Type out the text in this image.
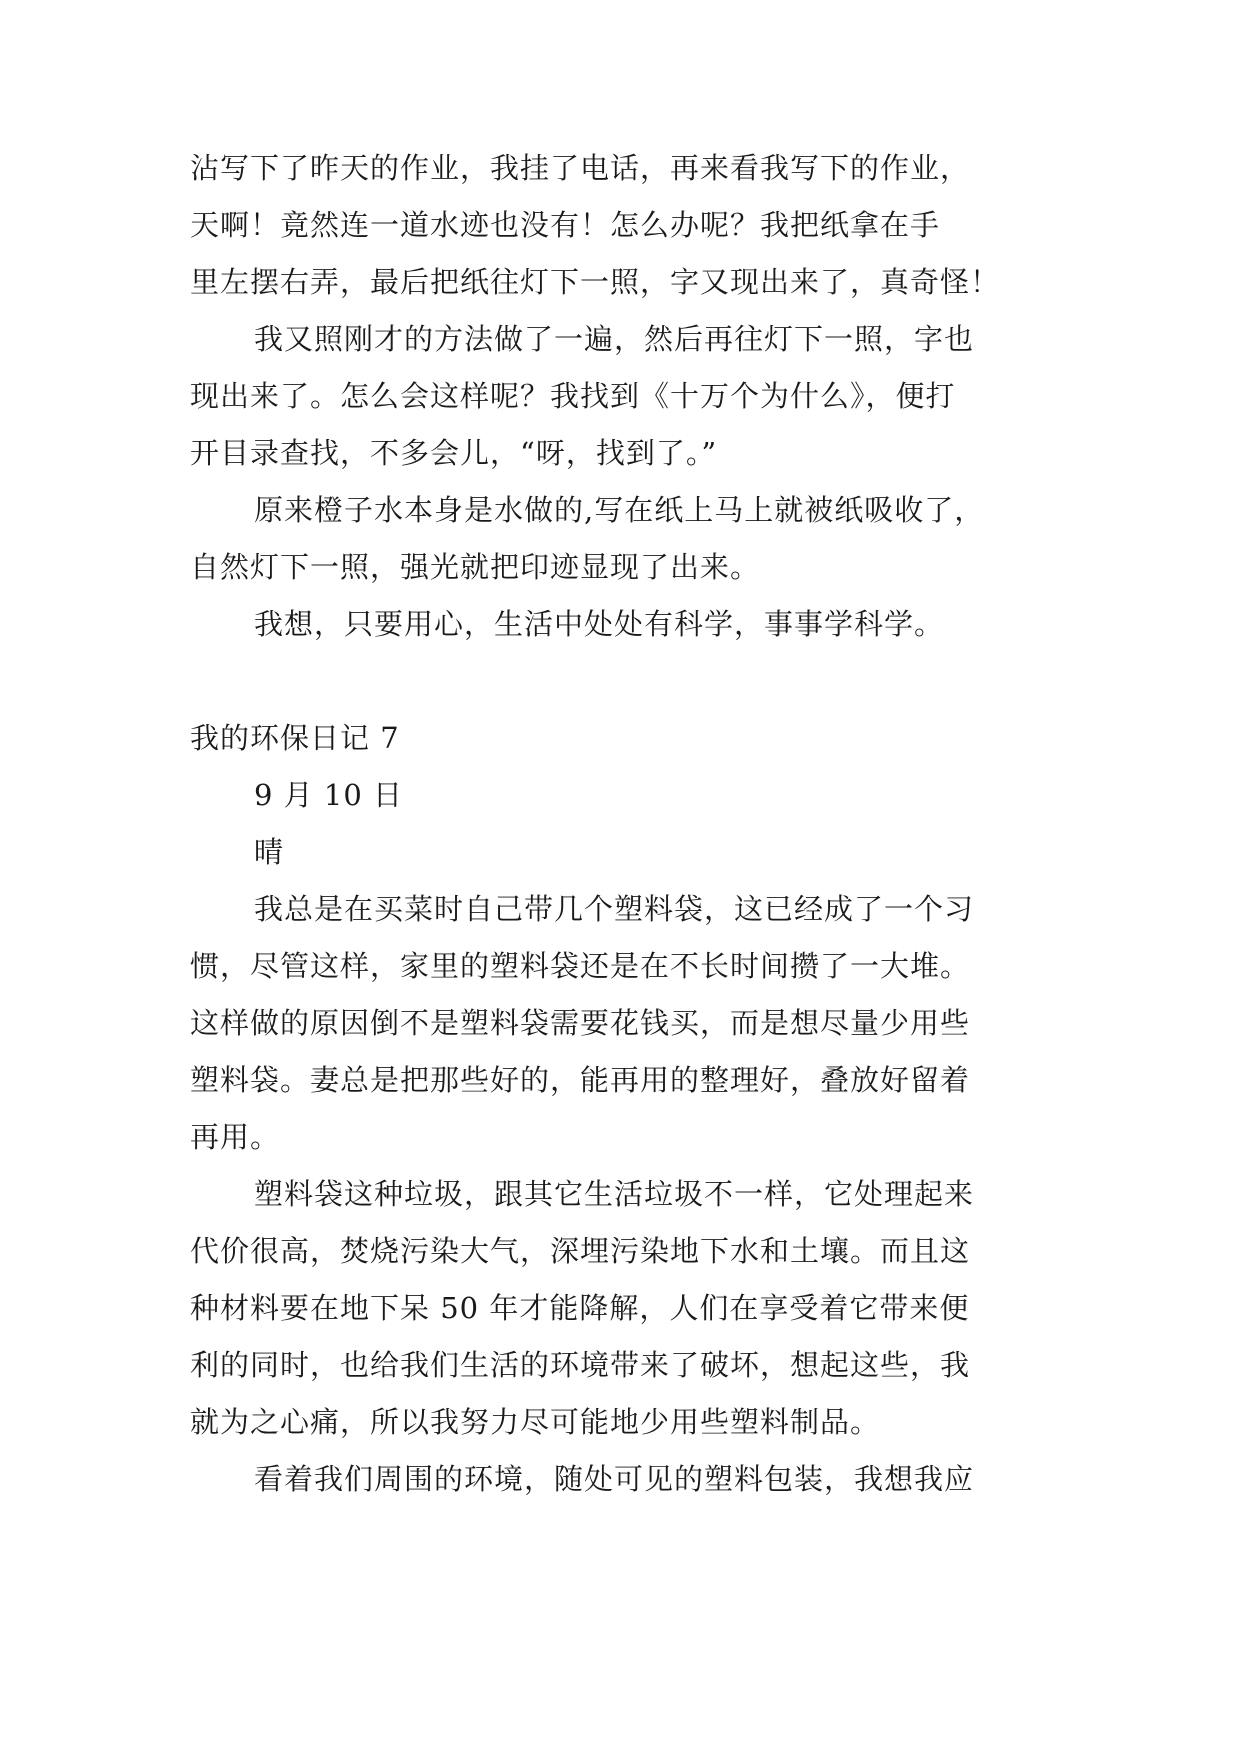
沾写下了昨天的作业，我挂了电话，再来看我写下的作业，
天啊！竟然连一道水迹也没有！怎么办呢？我把纸拿在手
里左摆右弄，最后把纸往灯下一照，字又现出来了，真奇怪！
我又照刚才的方法做了一遍，然后再往灯下一照，字也
现出来了。怎么会这样呢？我找到《十万个为什么》，便打
开目录查找，不多会儿，“呀，找到了。”
原来橙子水本身是水做的,写在纸上马上就被纸吸收了，
自然灯下一照，强光就把印迹显现了出来。
我想，只要用心，生活中处处有科学，事事学科学。
我的环保日记 7
9 月 10 日
晴
我总是在买菜时自己带几个塑料袋，这已经成了一个习
惯，尽管这样，家里的塑料袋还是在不长时间攒了一大堆。
这样做的原因倒不是塑料袋需要花钱买，而是想尽量少用些
塑料袋。妻总是把那些好的，能再用的整理好，叠放好留着
再用。
塑料袋这种垃圾，跟其它生活垃圾不一样，它处理起来
代价很高，焚烧污染大气，深埋污染地下水和土壤。而且这
种材料要在地下呆 50 年才能降解，人们在享受着它带来便
利的同时，也给我们生活的环境带来了破坏，想起这些，我
就为之心痛，所以我努力尽可能地少用些塑料制品。
看着我们周围的环境，随处可见的塑料包装，我想我应
